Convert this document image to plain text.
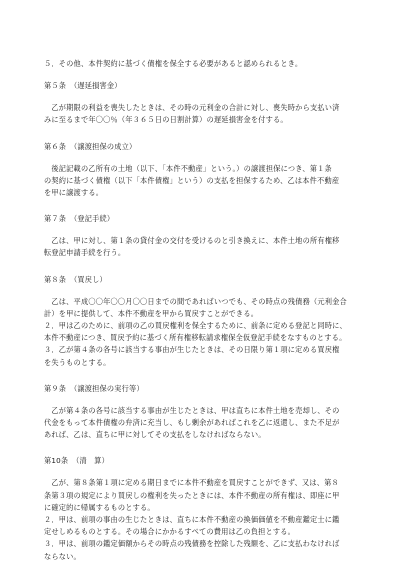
５．その他、本件契約に基づく債権を保全する必要があると認められるとき。

第５条　（遅延損害金）

　乙が期限の利益を喪失したときは、その時の元利金の合計に対し、喪失時から支払い済

みに至るまで年〇〇％（年３６５日の日割計算）の遅延損害金を付する。

第６条　（譲渡担保の成立）

　後記記載の乙所有の土地（以下、「本件不動産」という。）の譲渡担保につき、第１条

の契約に基づく債権（以下「本件債権」という）の支払を担保するため、乙は本件不動産

を甲に譲渡する。

第７条　（登記手続）

　乙は、甲に対し、第１条の貸付金の交付を受けるのと引き換えに、本件土地の所有権移

転登記申請手続を行う。

第８条　（買戻し）

　乙は、平成〇〇年〇〇月〇〇日までの間であればいつでも、その時点の残債務（元利金合

計）を甲に提供して、本件不動産を甲から買戻すことができる。

２．甲は乙のために、前項の乙の買戻権利を保全するために、前条に定める登記と同時に、

本件不動産につき、買戻予約に基づく所有権移転請求権保全仮登記手続をなすものとする。

３．乙が第４条の各号に該当する事由が生じたときは、その日限り第１項に定める買戻権

を失うものとする。

第９条　（譲渡担保の実行等）

　乙が第４条の各号に該当する事由が生じたときは、甲は直ちに本件土地を売却し、その

代金をもって本件債権の弁済に充当し、もし剰余があればこれを乙に返還し、また不足が

あれば、乙は、直ちに甲に対してその支払をしなければならない。

第10条　（清　算）

　乙が、第８条第１項に定める期日までに本件不動産を買戻すことができず、又は、第８

条第３項の規定により買戻しの権利を失ったときには、本件不動産の所有権は、即座に甲

に確定的に帰属するものとする。

２．甲は、前項の事由の生じたときは、直ちに本件不動産の換価価値を不動産鑑定士に鑑

定せしめるものとする。その場合にかかるすべての費用は乙の負担とする。

３．甲は、前項の鑑定価額からその時点の残債務を控除した残額を、乙に支払わなければ

ならない。
